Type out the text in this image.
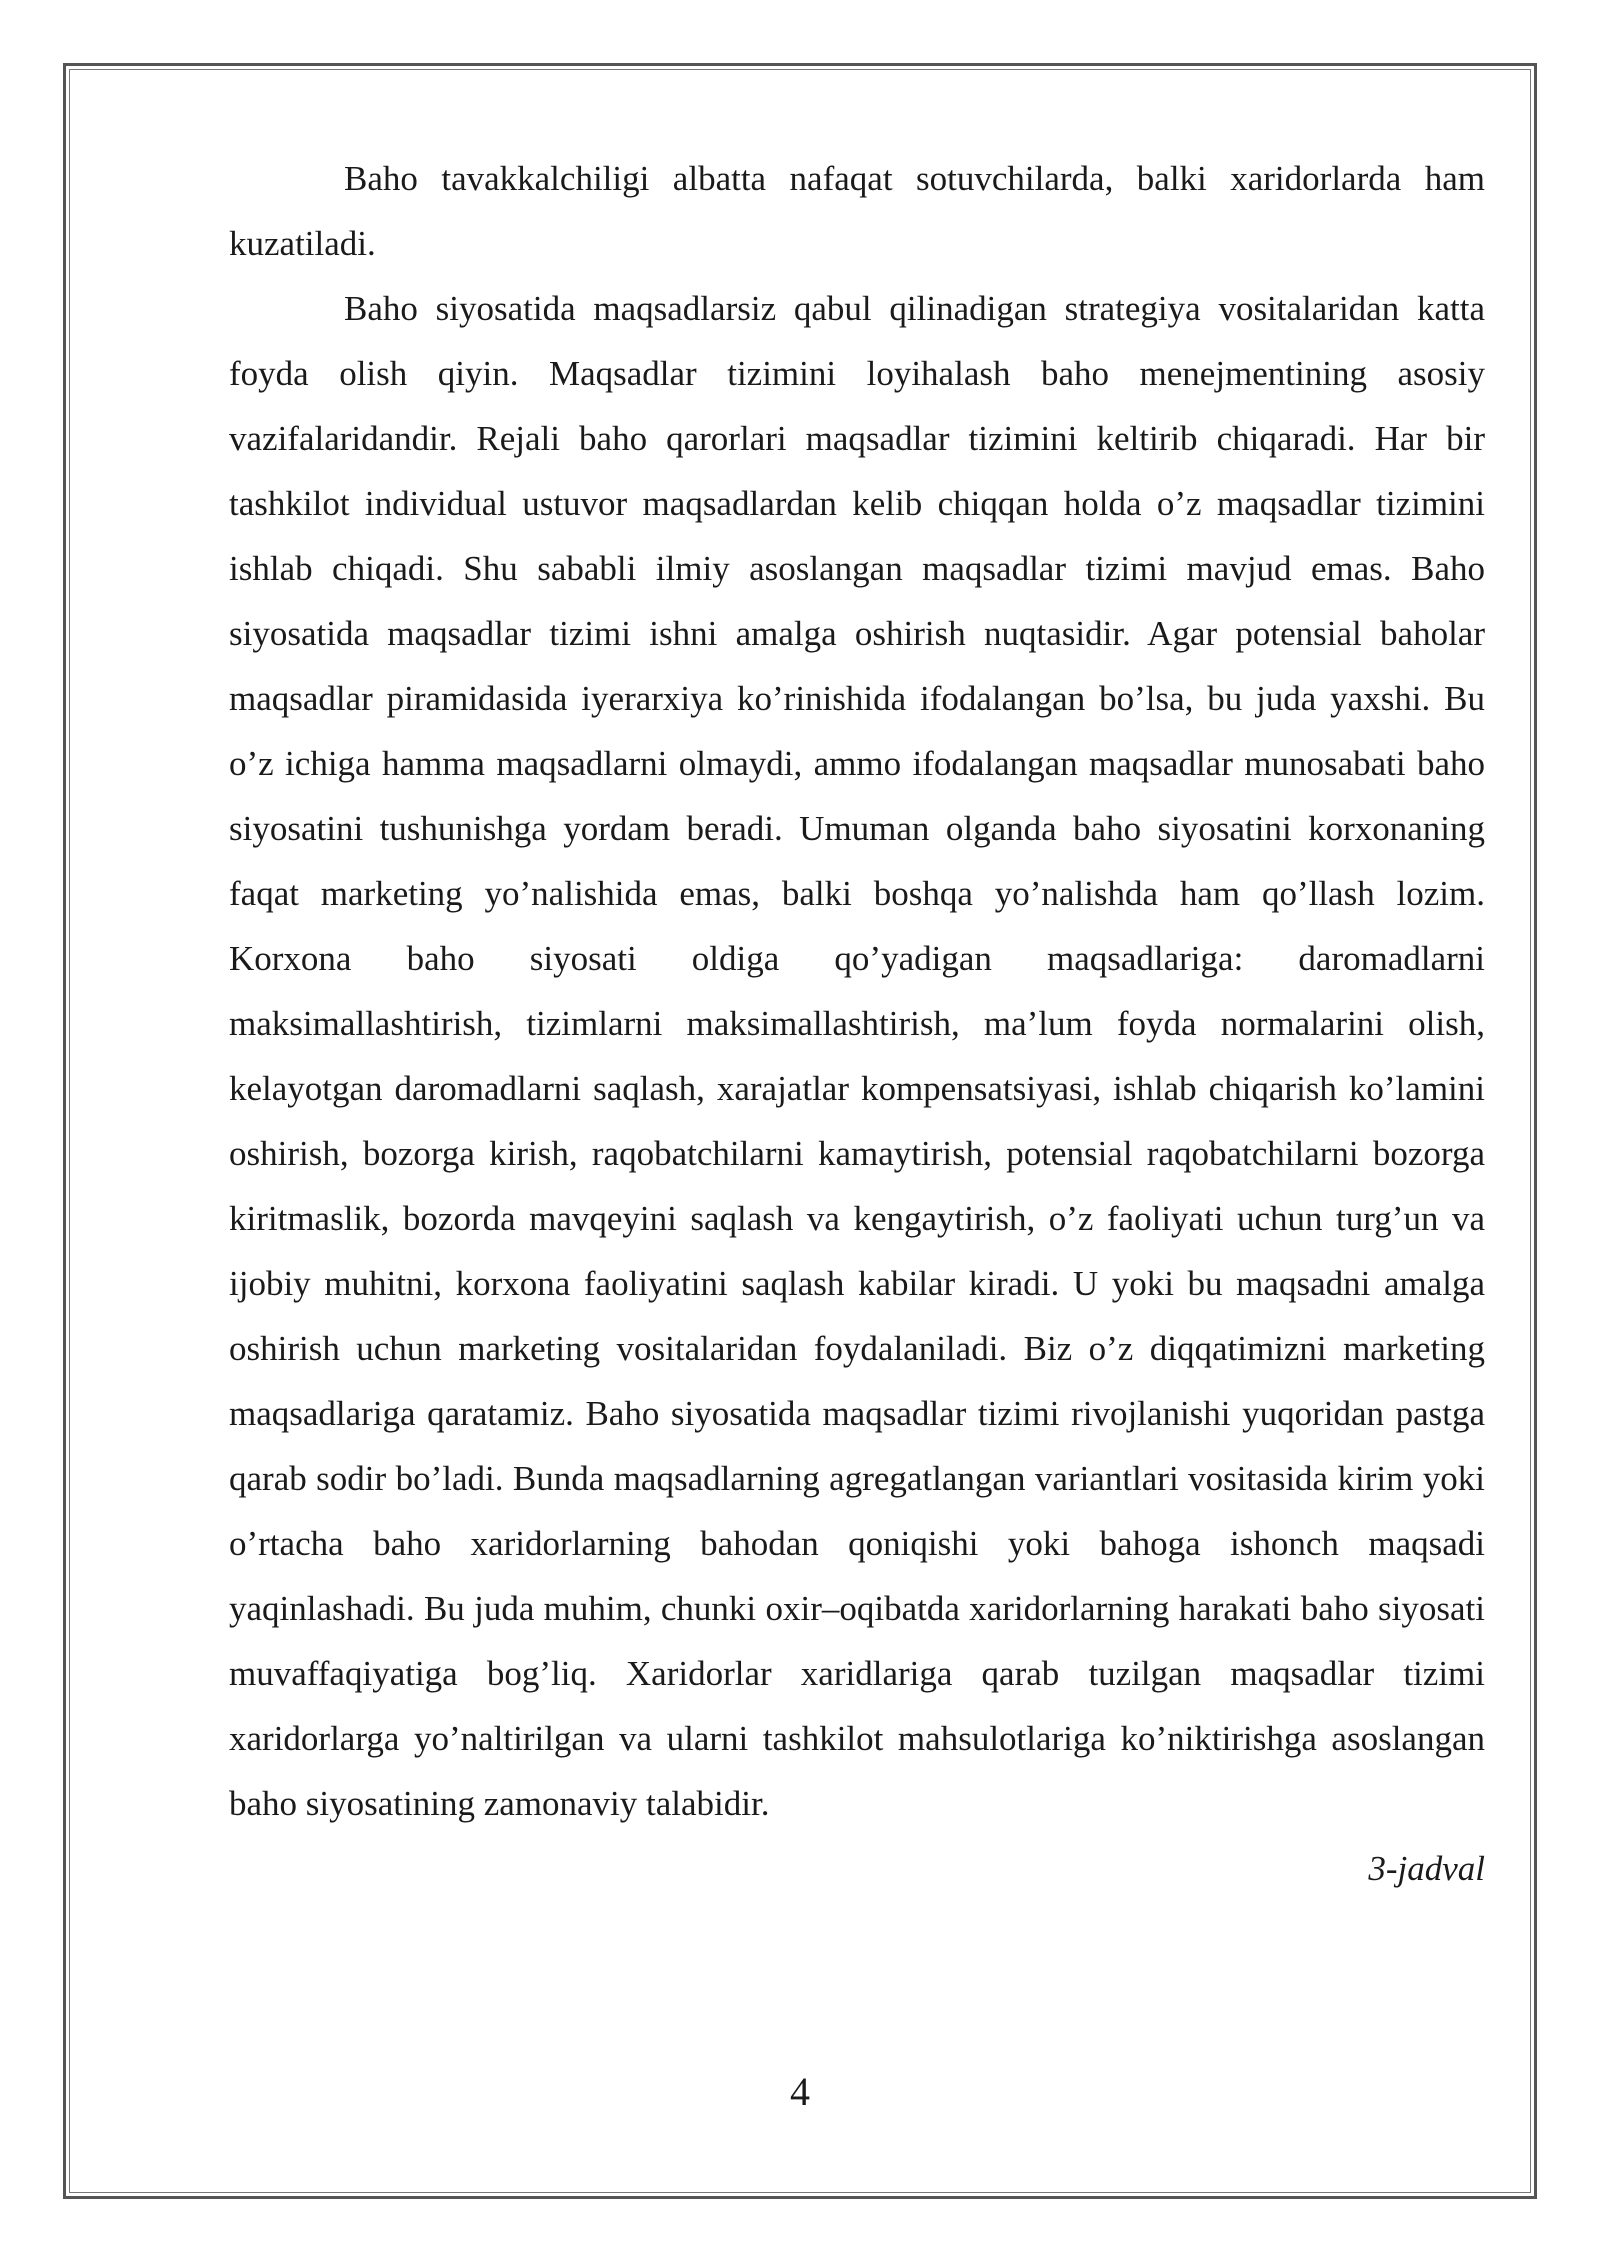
Baho tavakkalchiligi albatta nafaqat sotuvchilarda, balki xaridorlarda ham kuzatiladi.

Baho siyosatida maqsadlarsiz qabul qilinadigan strategiya vositalaridan katta foyda olish qiyin. Maqsadlar tizimini loyihalash baho menejmentining asosiy vazifalaridandir. Rejali baho qarorlari maqsadlar tizimini keltirib chiqaradi. Har bir tashkilot individual ustuvor maqsadlardan kelib chiqqan holda o’z maqsadlar tizimini ishlab chiqadi. Shu sababli ilmiy asoslangan maqsadlar tizimi mavjud emas. Baho siyosatida maqsadlar tizimi ishni amalga oshirish nuqtasidir. Agar potensial baholar maqsadlar piramidasida iyerarxiya ko’rinishida ifodalangan bo’lsa, bu juda yaxshi. Bu o’z ichiga hamma maqsadlarni olmaydi, ammo ifodalangan maqsadlar munosabati baho siyosatini tushunishga yordam beradi. Umuman olganda baho siyosatini korxonaning faqat marketing yo’nalishida emas, balki boshqa yo’nalishda ham qo’llash lozim. Korxona baho siyosati oldiga qo’yadigan maqsadlariga: daromadlarni maksimallashtirish, tizimlarni maksimallashtirish, ma’lum foyda normalarini olish, kelayotgan daromadlarni saqlash, xarajatlar kompensatsiyasi, ishlab chiqarish ko’lamini oshirish, bozorga kirish, raqobatchilarni kamaytirish, potensial raqobatchilarni bozorga kiritmaslik, bozorda mavqeyini saqlash va kengaytirish, o’z faoliyati uchun turg’un va ijobiy muhitni, korxona faoliyatini saqlash kabilar kiradi. U yoki bu maqsadni amalga oshirish uchun marketing vositalaridan foydalaniladi. Biz o’z diqqatimizni marketing maqsadlariga qaratamiz. Baho siyosatida maqsadlar tizimi rivojlanishi yuqoridan pastga qarab sodir bo’ladi. Bunda maqsadlarning agregatlangan variantlari vositasida kirim yoki o’rtacha baho xaridorlarning bahodan qoniqishi yoki bahoga ishonch maqsadi yaqinlashadi. Bu juda muhim, chunki oxir–oqibatda xaridorlarning harakati baho siyosati muvaffaqiyatiga bog’liq. Xaridorlar xaridlariga qarab tuzilgan maqsadlar tizimi xaridorlarga yo’naltirilgan va ularni tashkilot mahsulotlariga ko’niktirishga asoslangan baho siyosatining zamonaviy talabidir.

3-jadval

4
